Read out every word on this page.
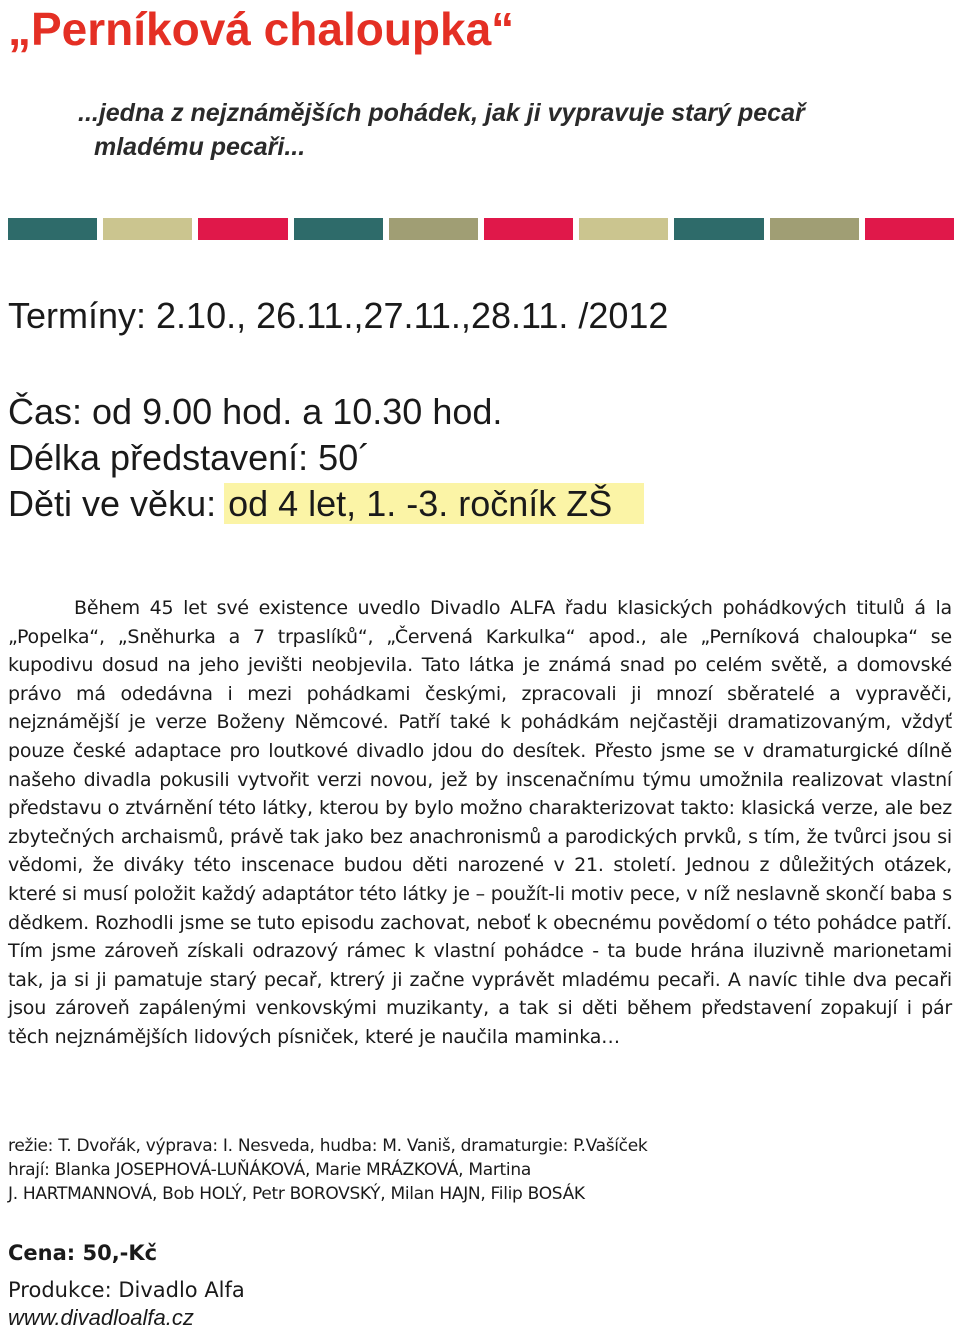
„Perníková chaloupka“

...jedna z nejznámějších pohádek, jak ji vypravuje starý pecař
mladému pecaři...

Termíny: 2.10., 26.11.,27.11.,28.11. /2012
Čas: od 9.00 hod. a 10.30 hod.
Délka představení: 50´
Děti ve věku: od 4 let, 1. -3. ročník ZŠ

Během 45 let své existence uvedlo Divadlo ALFA řadu klasických pohádkových titulů á la „Popelka“, „Sněhurka a 7 trpaslíků“, „Červená Karkulka“ apod., ale „Perníková chaloupka“ se kupodivu dosud na jeho jevišti neobjevila. Tato látka je známá snad po celém světě, a domovské právo má odedávna i mezi pohádkami českými, zpracovali ji mnozí sběratelé a vypravěči, nejznámější je verze Boženy Němcové. Patří také k pohádkám nejčastěji dramatizovaným, vždyť pouze české adaptace pro loutkové divadlo jdou do desítek. Přesto jsme se v dramaturgické dílně našeho divadla pokusili vytvořit verzi novou, jež by inscenačnímu týmu umožnila realizovat vlastní představu o ztvárnění této látky, kterou by bylo možno charakterizovat takto: klasická verze, ale bez zbytečných archaismů, právě tak jako bez anachronismů a parodických prvků, s tím, že tvůrci jsou si vědomi, že diváky této inscenace budou děti narozené v 21. století. Jednou z důležitých otázek, které si musí položit každý adaptátor této látky je – použít-li motiv pece, v níž neslavně skončí baba s dědkem. Rozhodli jsme se tuto episodu zachovat, neboť k obecnému povědomí o této pohádce patří. Tím jsme zároveň získali odrazový rámec k vlastní pohádce - ta bude hrána iluzivně marionetami tak, ja si ji pamatuje starý pecař, ktrerý ji začne vyprávět mladému pecaři. A navíc tihle dva pecaři jsou zároveň zapálenými venkovskými muzikanty, a tak si děti během představení zopakují i pár těch nejznámějších lidových písniček, které je naučila maminka…

režie: T. Dvořák, výprava: I. Nesveda, hudba: M. Vaniš, dramaturgie: P.Vašíček
hrají: Blanka JOSEPHOVÁ-LUŇÁKOVÁ, Marie MRÁZKOVÁ, Martina
J. HARTMANNOVÁ, Bob HOLÝ, Petr BOROVSKÝ, Milan HAJN, Filip BOSÁK
Cena: 50,-Kč
Produkce: Divadlo Alfa
www.divadloalfa.cz
